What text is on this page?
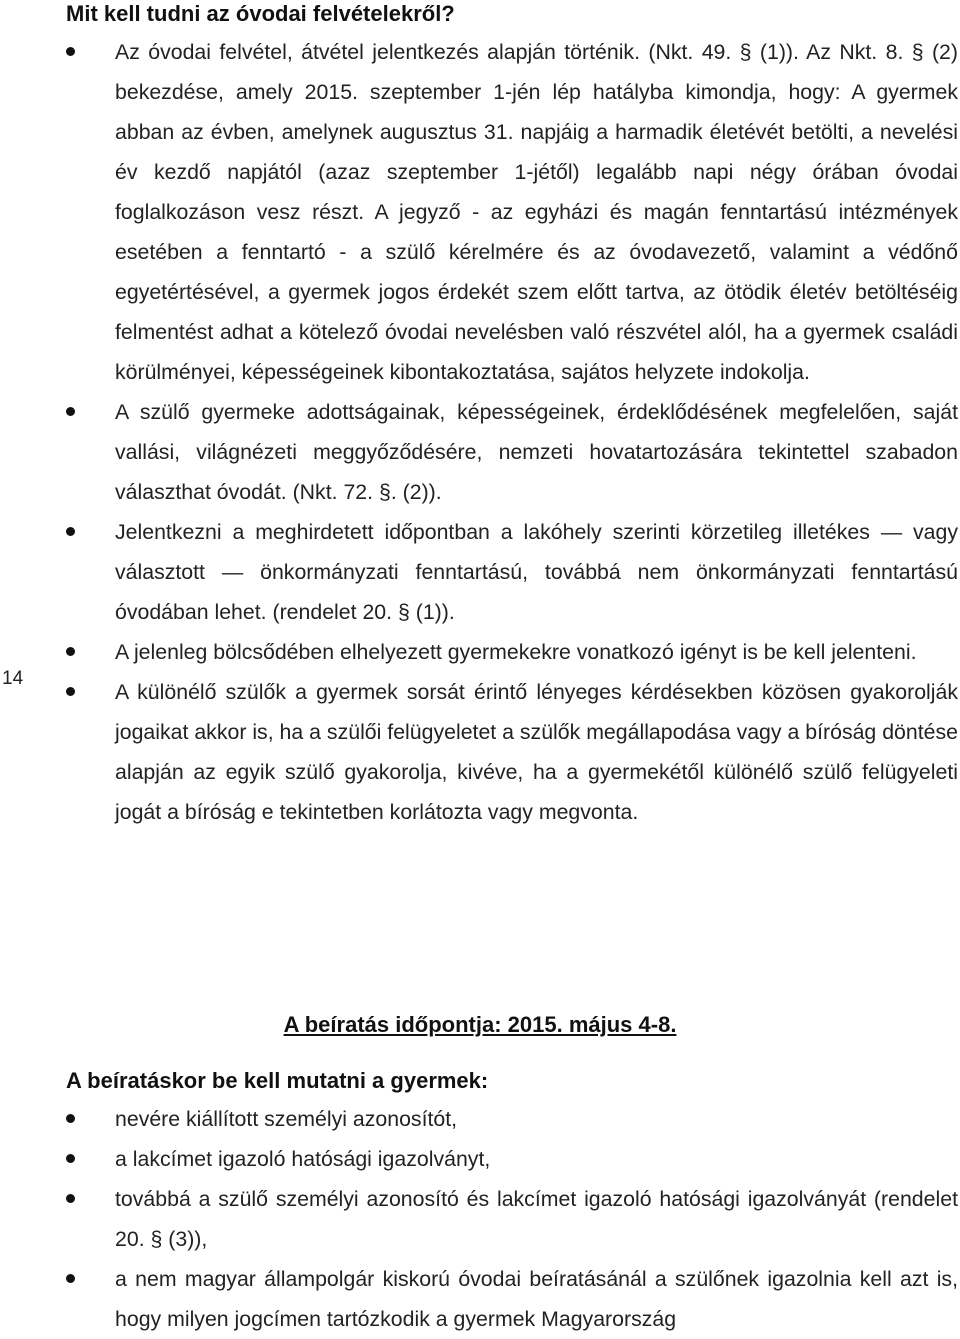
14
Mit kell tudni az óvodai felvételekről?
Az óvodai felvétel, átvétel jelentkezés alapján történik. (Nkt. 49. § (1)). Az Nkt. 8. § (2) bekezdése, amely 2015. szeptember 1-jén lép hatályba kimondja, hogy: A gyermek abban az évben, amelynek augusztus 31. napjáig a harmadik életévét betölti, a nevelési év kezdő napjától (azaz szeptember 1-jétől) legalább napi négy órában óvodai foglalkozáson vesz részt. A jegyző - az egyházi és magán fenntartású intézmények esetében a fenntartó - a szülő kérelmére és az óvodavezető, valamint a védőnő egyetértésével, a gyermek jogos érdekét szem előtt tartva, az ötödik életév betöltéséig felmentést adhat a kötelező óvodai nevelésben való részvétel alól, ha a gyermek családi körülményei, képességeinek kibontakoztatása, sajátos helyzete indokolja.
A szülő gyermeke adottságainak, képességeinek, érdeklődésének megfelelően, saját vallási, világnézeti meggyőződésére, nemzeti hovatartozására tekintettel szabadon választhat óvodát. (Nkt. 72. §. (2)).
Jelentkezni a meghirdetett időpontban a lakóhely szerinti körzetileg illetékes — vagy választott — önkormányzati fenntartású, továbbá nem önkormányzati fenntartású óvodában lehet. (rendelet 20. § (1)).
A jelenleg bölcsődében elhelyezett gyermekekre vonatkozó igényt is be kell jelenteni.
A különélő szülők a gyermek sorsát érintő lényeges kérdésekben közösen gyakorolják jogaikat akkor is, ha a szülői felügyeletet a szülők megállapodása vagy a bíróság döntése alapján az egyik szülő gyakorolja, kivéve, ha a gyermekétől különélő szülő felügyeleti jogát a bíróság e tekintetben korlátozta vagy megvonta.
A beíratás időpontja: 2015. május 4-8.
A beíratáskor be kell mutatni a gyermek:
nevére kiállított személyi azonosítót,
a lakcímet igazoló hatósági igazolványt,
továbbá a szülő személyi azonosító és lakcímet igazoló hatósági igazolványát (rendelet 20. § (3)),
a nem magyar állampolgár kiskorú óvodai beíratásánál a szülőnek igazolnia kell azt is, hogy milyen jogcímen tartózkodik a gyermek Magyarország
